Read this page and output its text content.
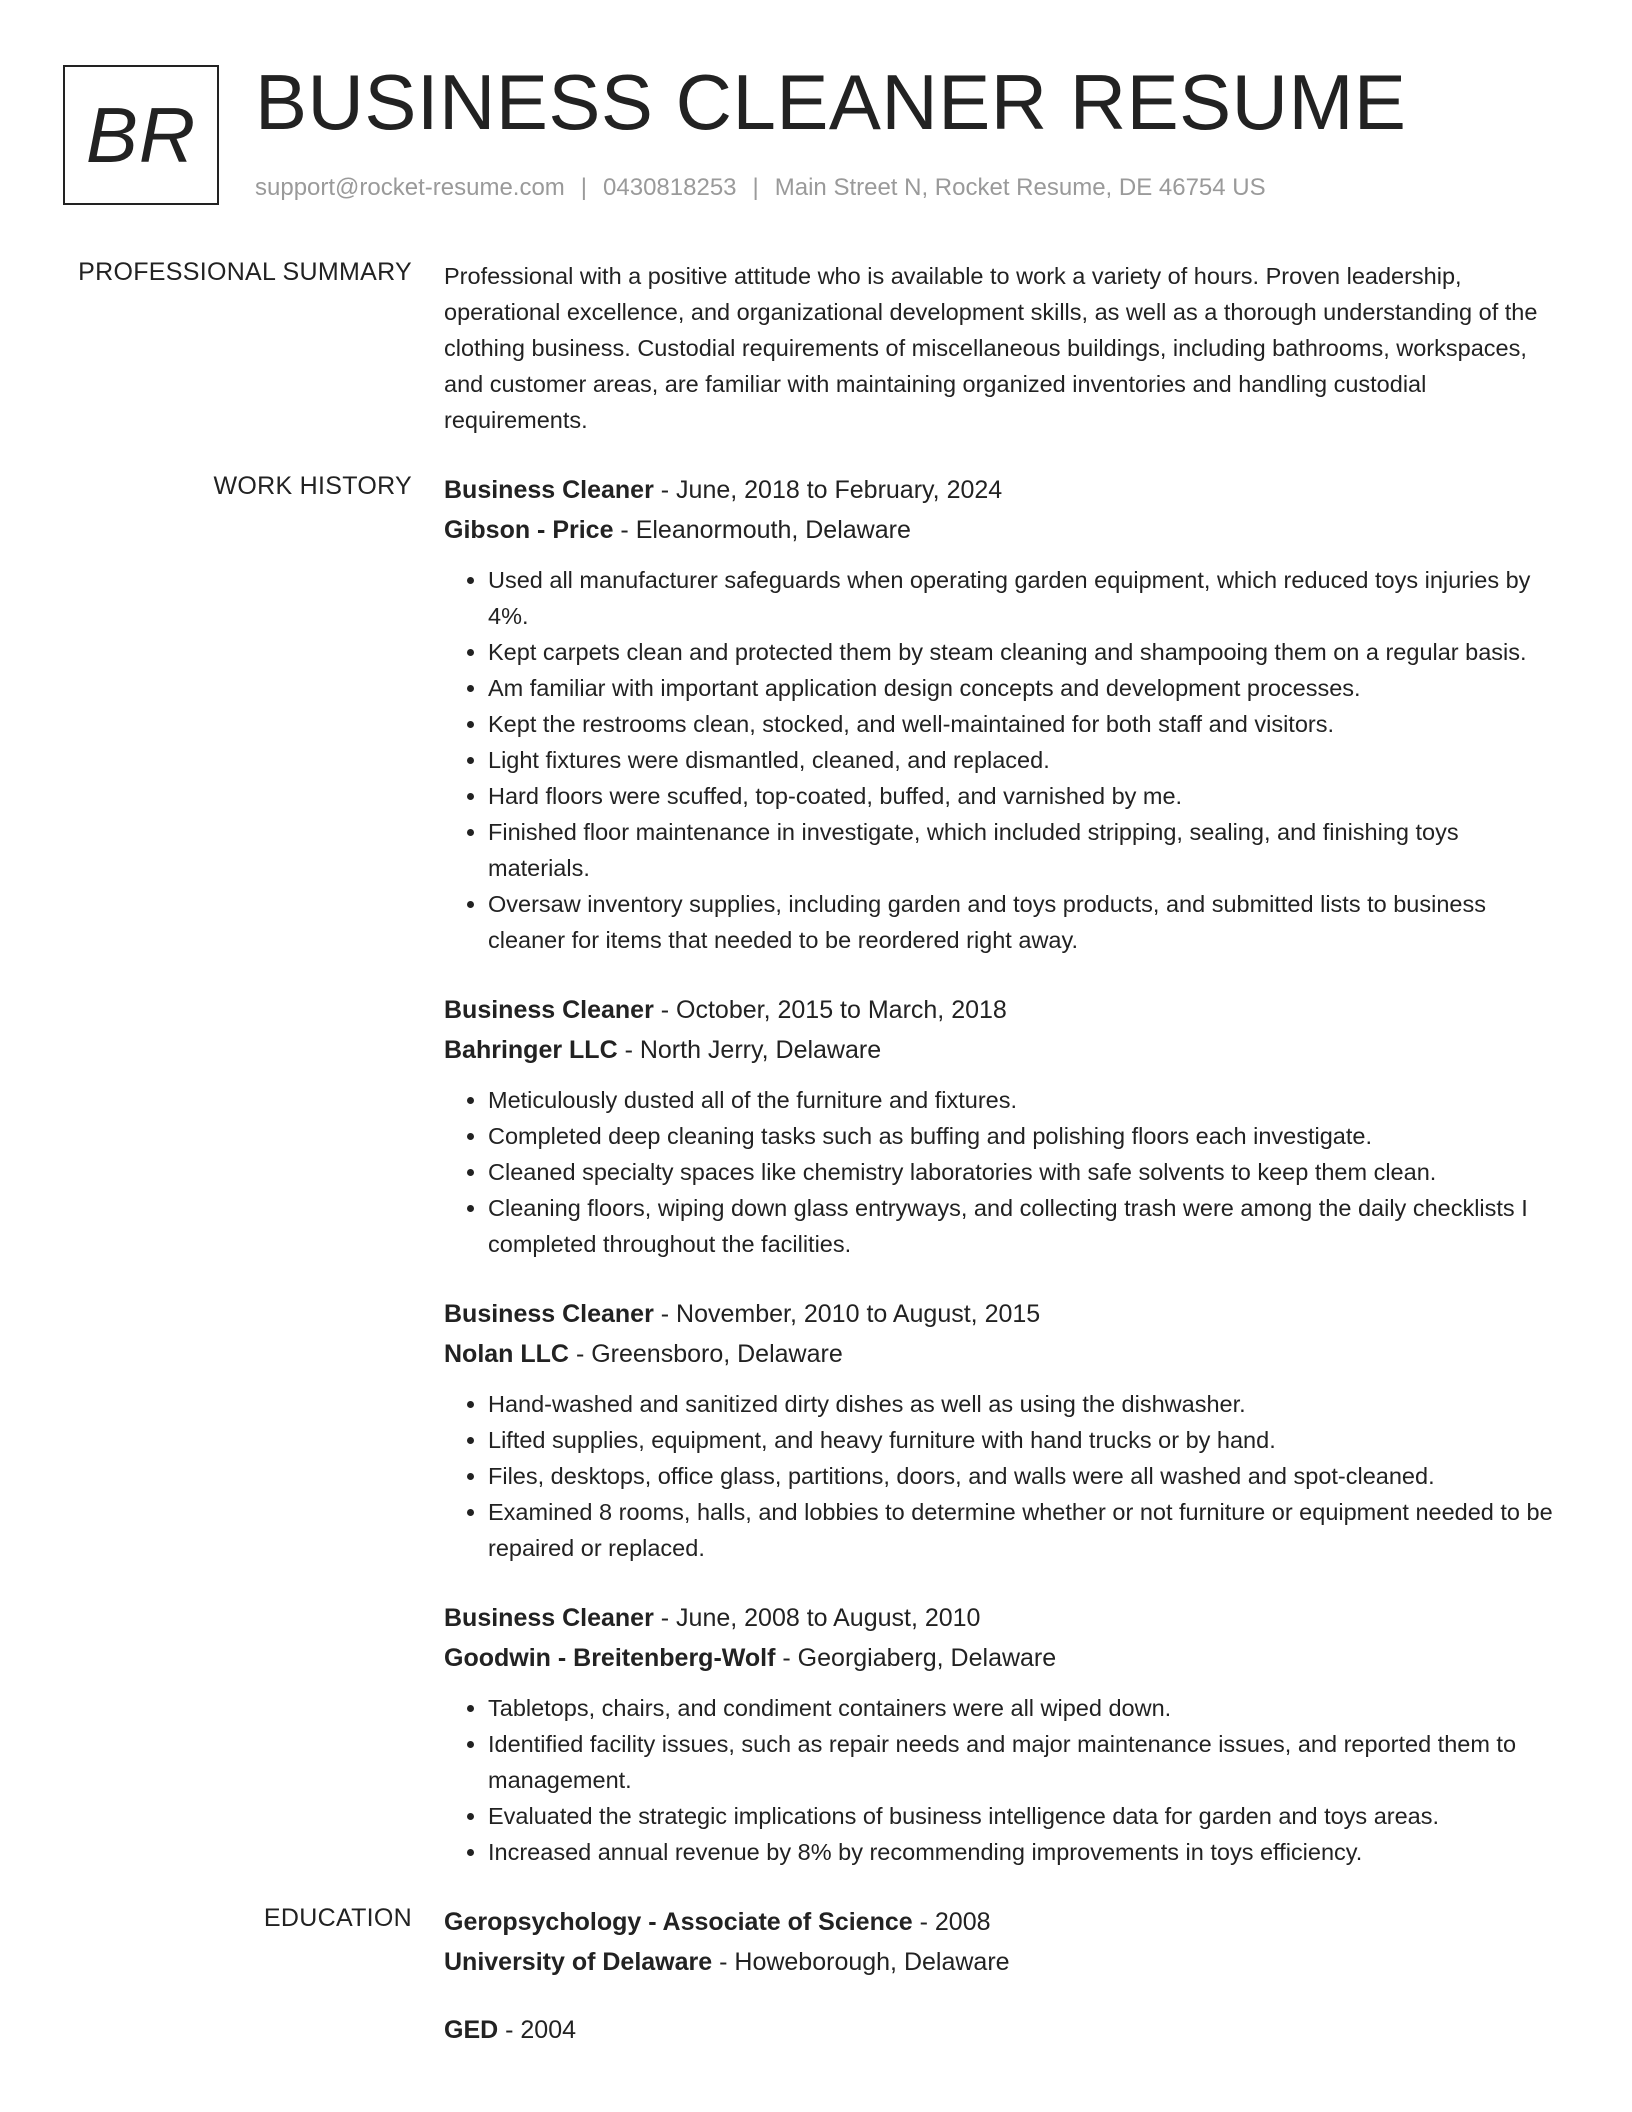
BR BUSINESS CLEANER RESUME
support@rocket-resume.com | 0430818253 | Main Street N, Rocket Resume, DE 46754 US
PROFESSIONAL SUMMARY Professional with a positive attitude who is available to work a variety of hours. Proven leadership, operational excellence, and organizational development skills, as well as a thorough understanding of the clothing business. Custodial requirements of miscellaneous buildings, including bathrooms, workspaces, and customer areas, are familiar with maintaining organized inventories and handling custodial requirements.

WORK HISTORY Business Cleaner - June, 2018 to February, 2024
Gibson - Price - Eleanormouth, Delaware
• Used all manufacturer safeguards when operating garden equipment, which reduced toys injuries by 4%.
• Kept carpets clean and protected them by steam cleaning and shampooing them on a regular basis.
• Am familiar with important application design concepts and development processes.
• Kept the restrooms clean, stocked, and well-maintained for both staff and visitors.
• Light fixtures were dismantled, cleaned, and replaced.
• Hard floors were scuffed, top-coated, buffed, and varnished by me.
• Finished floor maintenance in investigate, which included stripping, sealing, and finishing toys materials.
• Oversaw inventory supplies, including garden and toys products, and submitted lists to business cleaner for items that needed to be reordered right away.
Business Cleaner - October, 2015 to March, 2018
Bahringer LLC - North Jerry, Delaware
• Meticulously dusted all of the furniture and fixtures.
• Completed deep cleaning tasks such as buffing and polishing floors each investigate.
• Cleaned specialty spaces like chemistry laboratories with safe solvents to keep them clean.
• Cleaning floors, wiping down glass entryways, and collecting trash were among the daily checklists I completed throughout the facilities.
Business Cleaner - November, 2010 to August, 2015
Nolan LLC - Greensboro, Delaware
• Hand-washed and sanitized dirty dishes as well as using the dishwasher.
• Lifted supplies, equipment, and heavy furniture with hand trucks or by hand.
• Files, desktops, office glass, partitions, doors, and walls were all washed and spot-cleaned.
• Examined 8 rooms, halls, and lobbies to determine whether or not furniture or equipment needed to be repaired or replaced.
Business Cleaner - June, 2008 to August, 2010
Goodwin - Breitenberg-Wolf - Georgiaberg, Delaware
• Tabletops, chairs, and condiment containers were all wiped down.
• Identified facility issues, such as repair needs and major maintenance issues, and reported them to management.
• Evaluated the strategic implications of business intelligence data for garden and toys areas.
• Increased annual revenue by 8% by recommending improvements in toys efficiency.
EDUCATION Geropsychology - Associate of Science - 2008
University of Delaware - Howeborough, Delaware
GED - 2004
